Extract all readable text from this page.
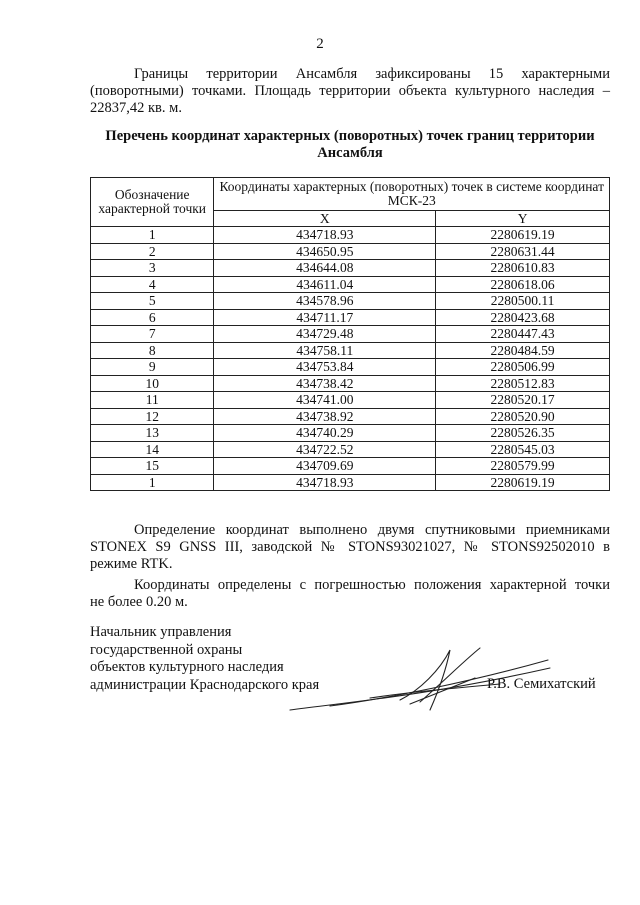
2
Границы территории Ансамбля зафиксированы 15 характерными
(поворотными) точками. Площадь территории объекта культурного наследия –
22837,42 кв. м.
Перечень координат характерных (поворотных) точек границ территории
Ансамбля
Обозначение характерной точки	Координаты характерных (поворотных) точек в системе координат МСК-23	
	X	Y
1	434718.93	2280619.19
2	434650.95	2280631.44
3	434644.08	2280610.83
4	434611.04	2280618.06
5	434578.96	2280500.11
6	434711.17	2280423.68
7	434729.48	2280447.43
8	434758.11	2280484.59
9	434753.84	2280506.99
10	434738.42	2280512.83
11	434741.00	2280520.17
12	434738.92	2280520.90
13	434740.29	2280526.35
14	434722.52	2280545.03
15	434709.69	2280579.99
1	434718.93	2280619.19
Определение координат выполнено двумя спутниковыми приемниками
STONEX S9 GNSS III, заводской № STONS93021027, № STONS92502010 в
режиме RTK.
Координаты определены с погрешностью положения характерной точки
не более 0.20 м.
Начальник управления
государственной охраны
объектов культурного наследия
администрации Краснодарского края	Р.В. Семихатский
